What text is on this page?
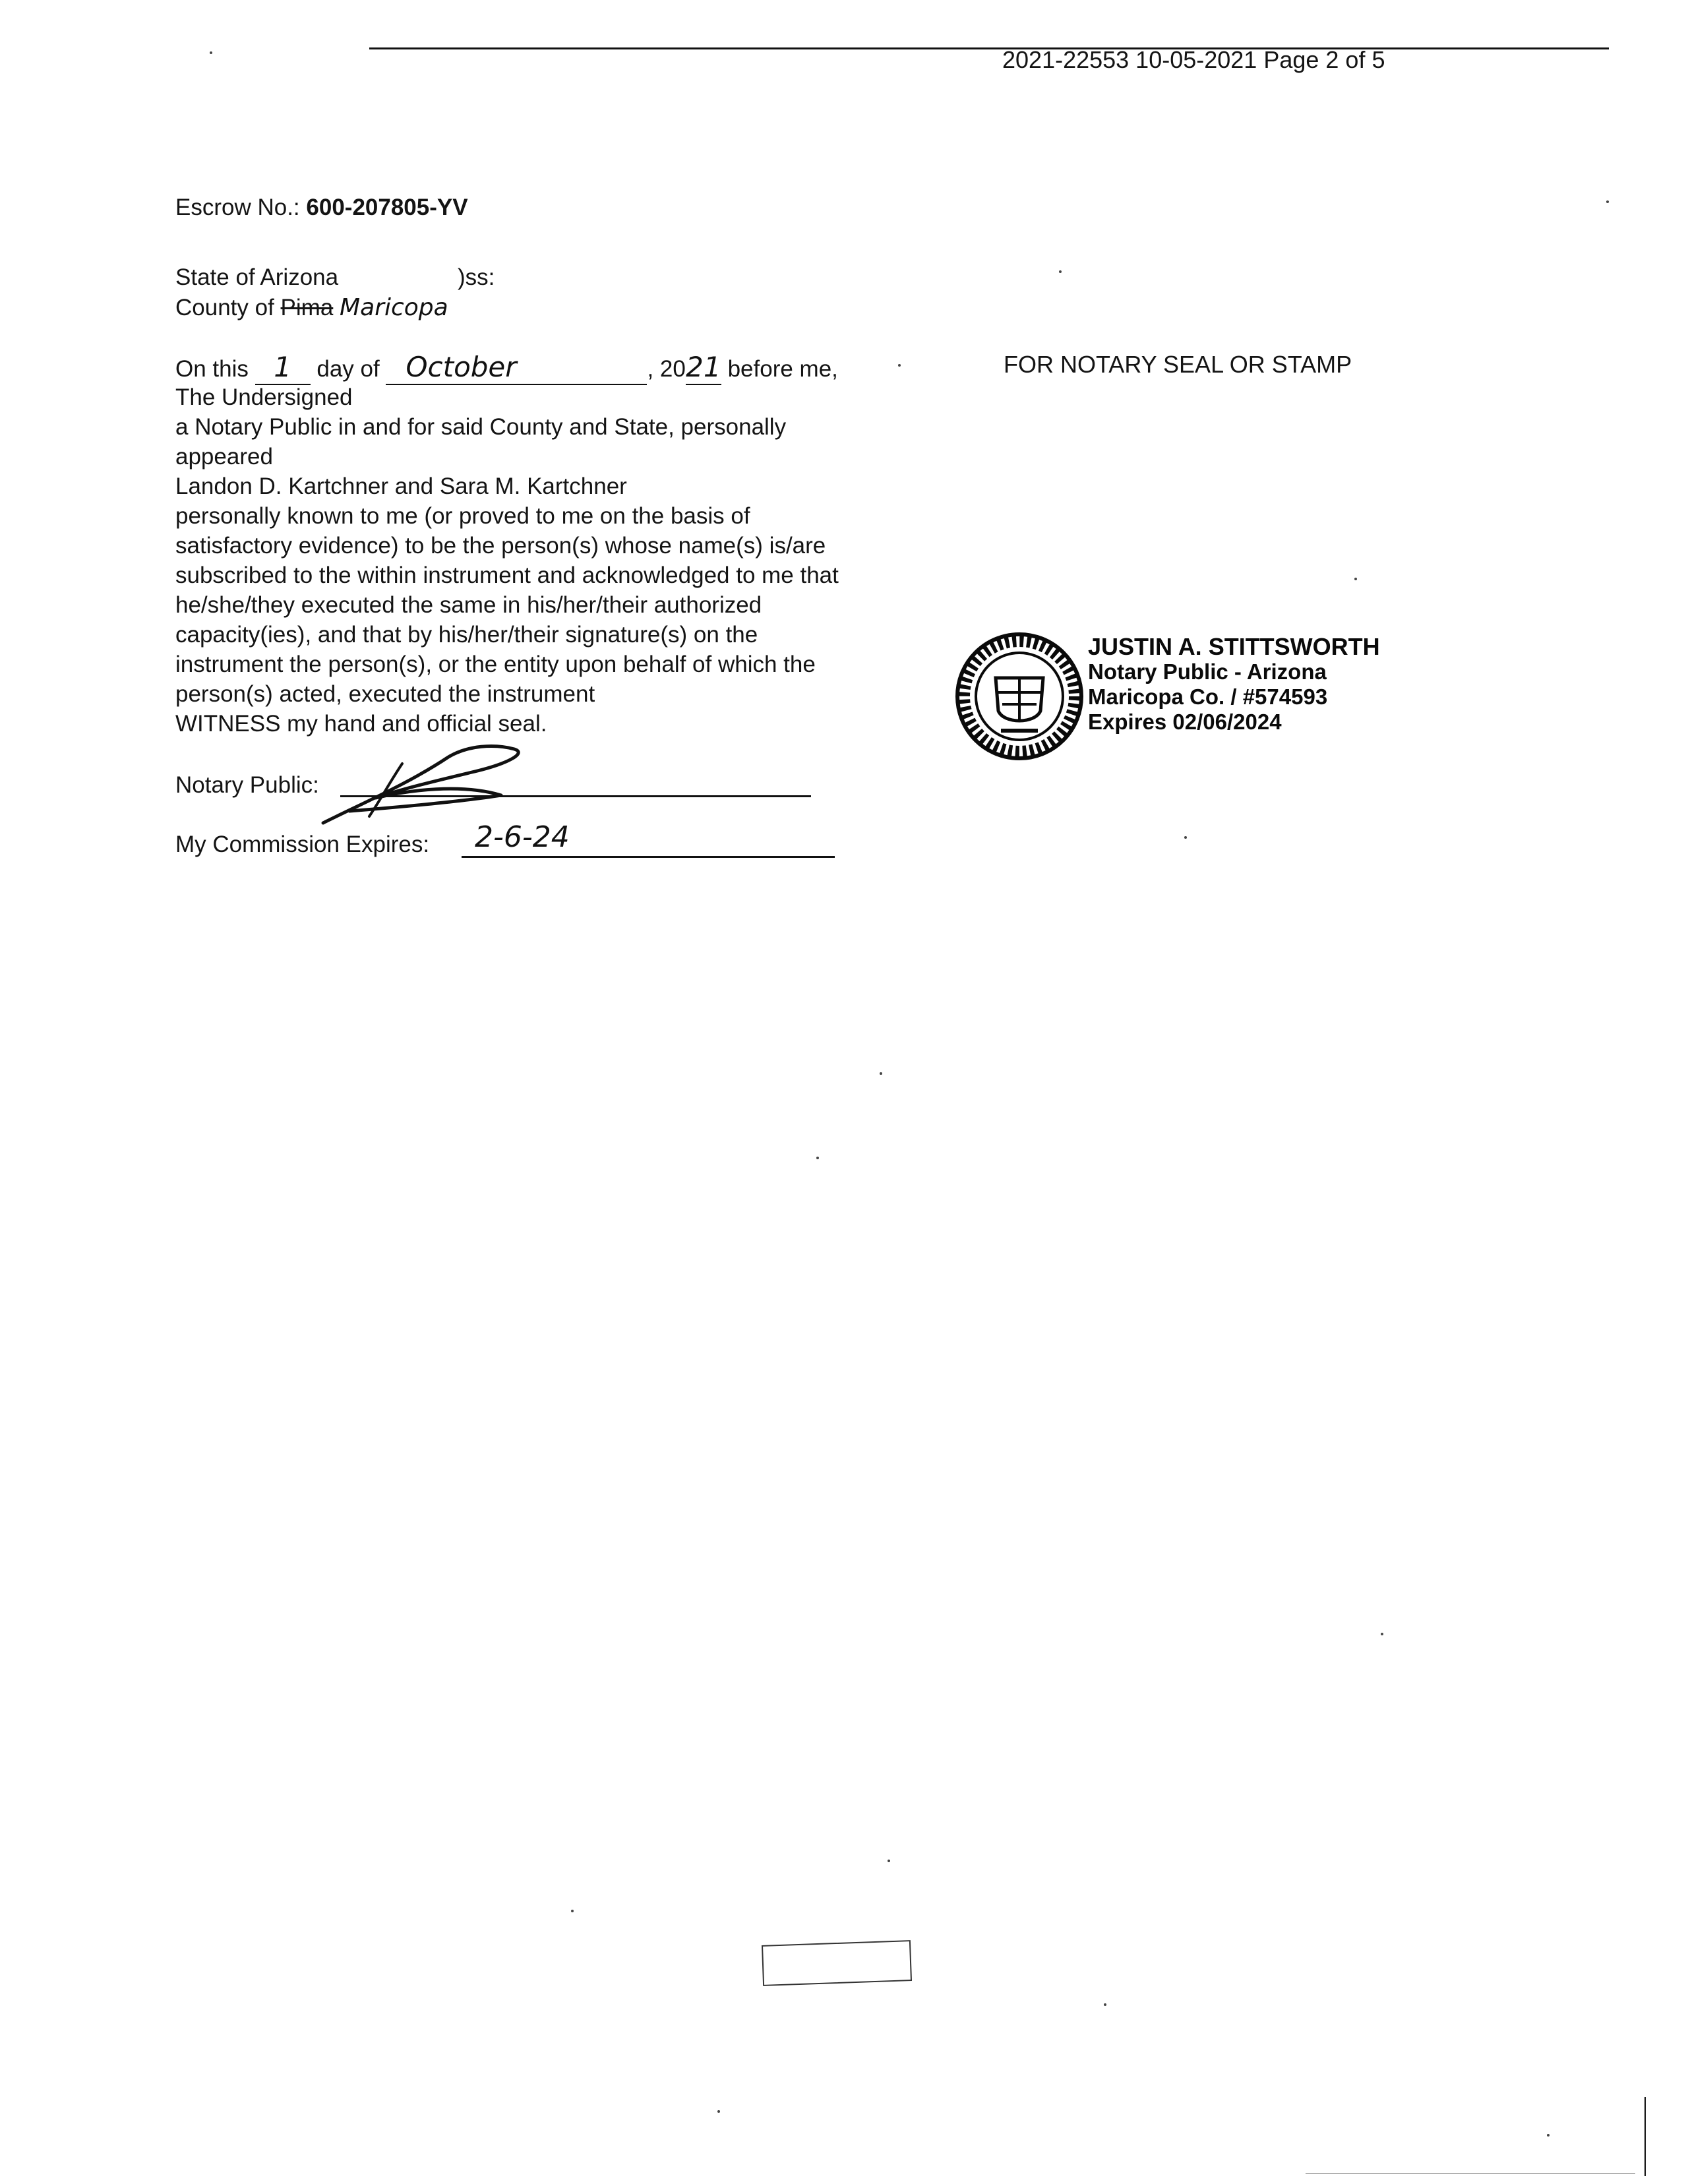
2021-22553 10-05-2021 Page 2 of 5
Escrow No.: 600-207805-YV
State of Arizona	)ss:
County of Pima Maricopa
On this 1 day of October	, 2021 before me,
The Undersigned
a Notary Public in and for said County and State, personally
appeared
Landon D. Kartchner and Sara M. Kartchner
personally known to me (or proved to me on the basis of
satisfactory evidence) to be the person(s) whose name(s) is/are
subscribed to the within instrument and acknowledged to me that
he/she/they executed the same in his/her/their authorized
capacity(ies), and that by his/her/their signature(s) on the
instrument the person(s), or the entity upon behalf of which the
person(s) acted, executed the instrument
WITNESS my hand and official seal.
Notary Public:
My Commission Expires: 2-6-24
FOR NOTARY SEAL OR STAMP
JUSTIN A. STITTSWORTH
Notary Public - Arizona
Maricopa Co. / #574593
Expires 02/06/2024
